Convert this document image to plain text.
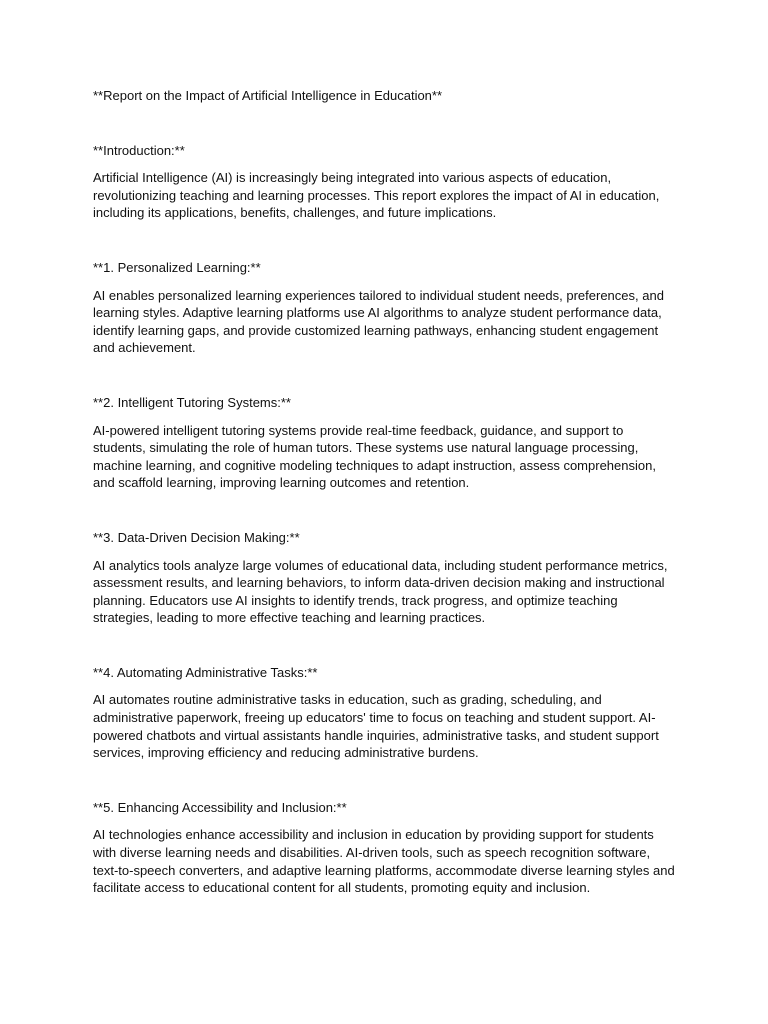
**Report on the Impact of Artificial Intelligence in Education**

**Introduction:**

Artificial Intelligence (AI) is increasingly being integrated into various aspects of education, revolutionizing teaching and learning processes. This report explores the impact of AI in education, including its applications, benefits, challenges, and future implications.

**1. Personalized Learning:**

AI enables personalized learning experiences tailored to individual student needs, preferences, and learning styles. Adaptive learning platforms use AI algorithms to analyze student performance data, identify learning gaps, and provide customized learning pathways, enhancing student engagement and achievement.

**2. Intelligent Tutoring Systems:**

AI-powered intelligent tutoring systems provide real-time feedback, guidance, and support to students, simulating the role of human tutors. These systems use natural language processing, machine learning, and cognitive modeling techniques to adapt instruction, assess comprehension, and scaffold learning, improving learning outcomes and retention.

**3. Data-Driven Decision Making:**

AI analytics tools analyze large volumes of educational data, including student performance metrics, assessment results, and learning behaviors, to inform data-driven decision making and instructional planning. Educators use AI insights to identify trends, track progress, and optimize teaching strategies, leading to more effective teaching and learning practices.

**4. Automating Administrative Tasks:**

AI automates routine administrative tasks in education, such as grading, scheduling, and administrative paperwork, freeing up educators' time to focus on teaching and student support. AI-powered chatbots and virtual assistants handle inquiries, administrative tasks, and student support services, improving efficiency and reducing administrative burdens.

**5. Enhancing Accessibility and Inclusion:**

AI technologies enhance accessibility and inclusion in education by providing support for students with diverse learning needs and disabilities. AI-driven tools, such as speech recognition software, text-to-speech converters, and adaptive learning platforms, accommodate diverse learning styles and facilitate access to educational content for all students, promoting equity and inclusion.
